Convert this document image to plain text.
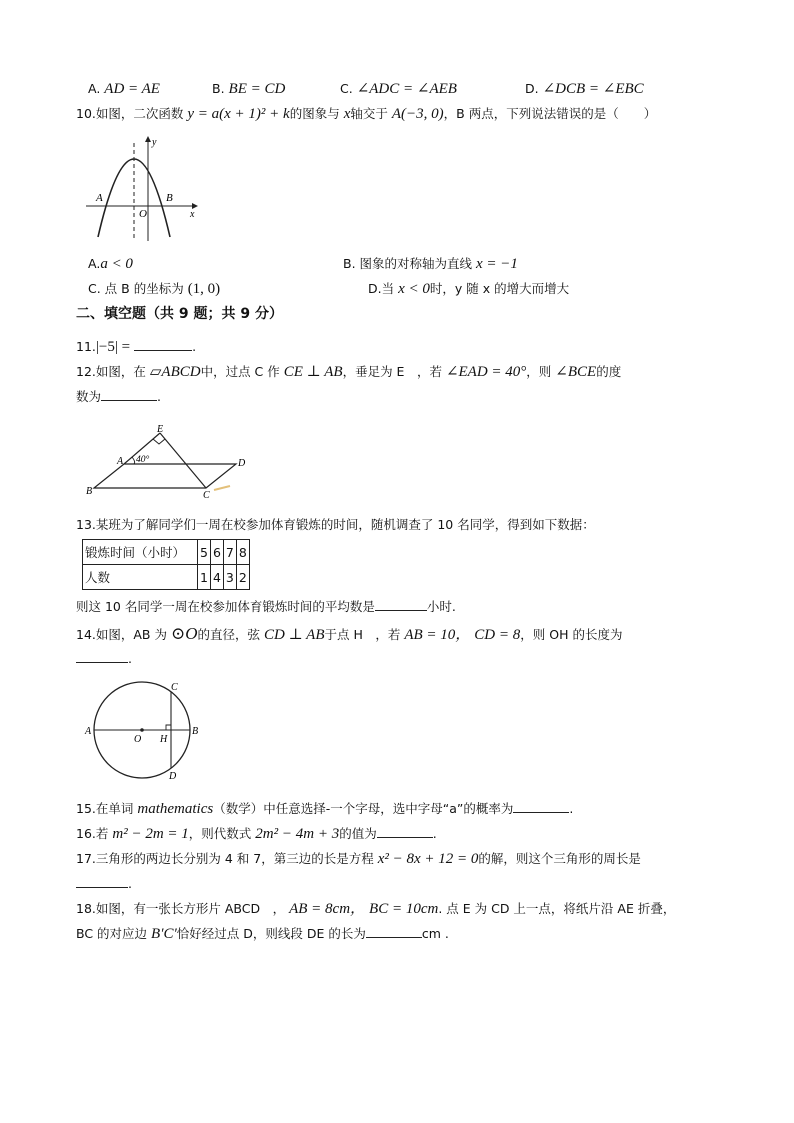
A. AD = AE	B. BE = CD	C. ∠ADC = ∠AEB	D. ∠DCB = ∠EBC
10.如图，二次函数 y = a(x + 1)² + k的图象与 x轴交于 A(−3, 0)，B 两点，下列说法错误的是（　　）
y
x
A	B
O
A.a < 0	B. 图象的对称轴为直线 x = −1
C. 点 B 的坐标为 (1, 0)	D.当 x < 0时，y 随 x 的增大而增大
二、填空题（共 9 题；共 9 分）
11.|−5| =	.
12.如图，在 ▱ABCD中，过点 C 作 CE ⊥ AB，垂足为 E　，若 ∠EAD = 40°，则 ∠BCE的度
数为	.
E
A 40°	D
B	C
13.某班为了解同学们一周在校参加体育锻炼的时间，随机调查了 10 名同学，得到如下数据：
锻炼时间（小时）	5	6	7	8
人数	1	4	3	2
则这 10 名同学一周在校参加体育锻炼时间的平均数是	小时.
14.如图，AB 为 ⊙O的直径，弦 CD ⊥ AB于点 H　，若 AB = 10， CD = 8，则 OH 的长度为
.
A	B
C
D
O H
15.在单词 mathematics（数学）中任意选择-一个字母，选中字母“a”的概率为	.
16.若 m² − 2m = 1，则代数式 2m² − 4m + 3的值为	.
17.三角形的两边长分别为 4 和 7，第三边的长是方程 x² − 8x + 12 = 0的解，则这个三角形的周长是
.
18.如图，有一张长方形片 ABCD　， AB = 8cm， BC = 10cm. 点 E 为 CD 上一点，将纸片沿 AE 折叠，
BC 的对应边 B′C′恰好经过点 D，则线段 DE 的长为	cm .
